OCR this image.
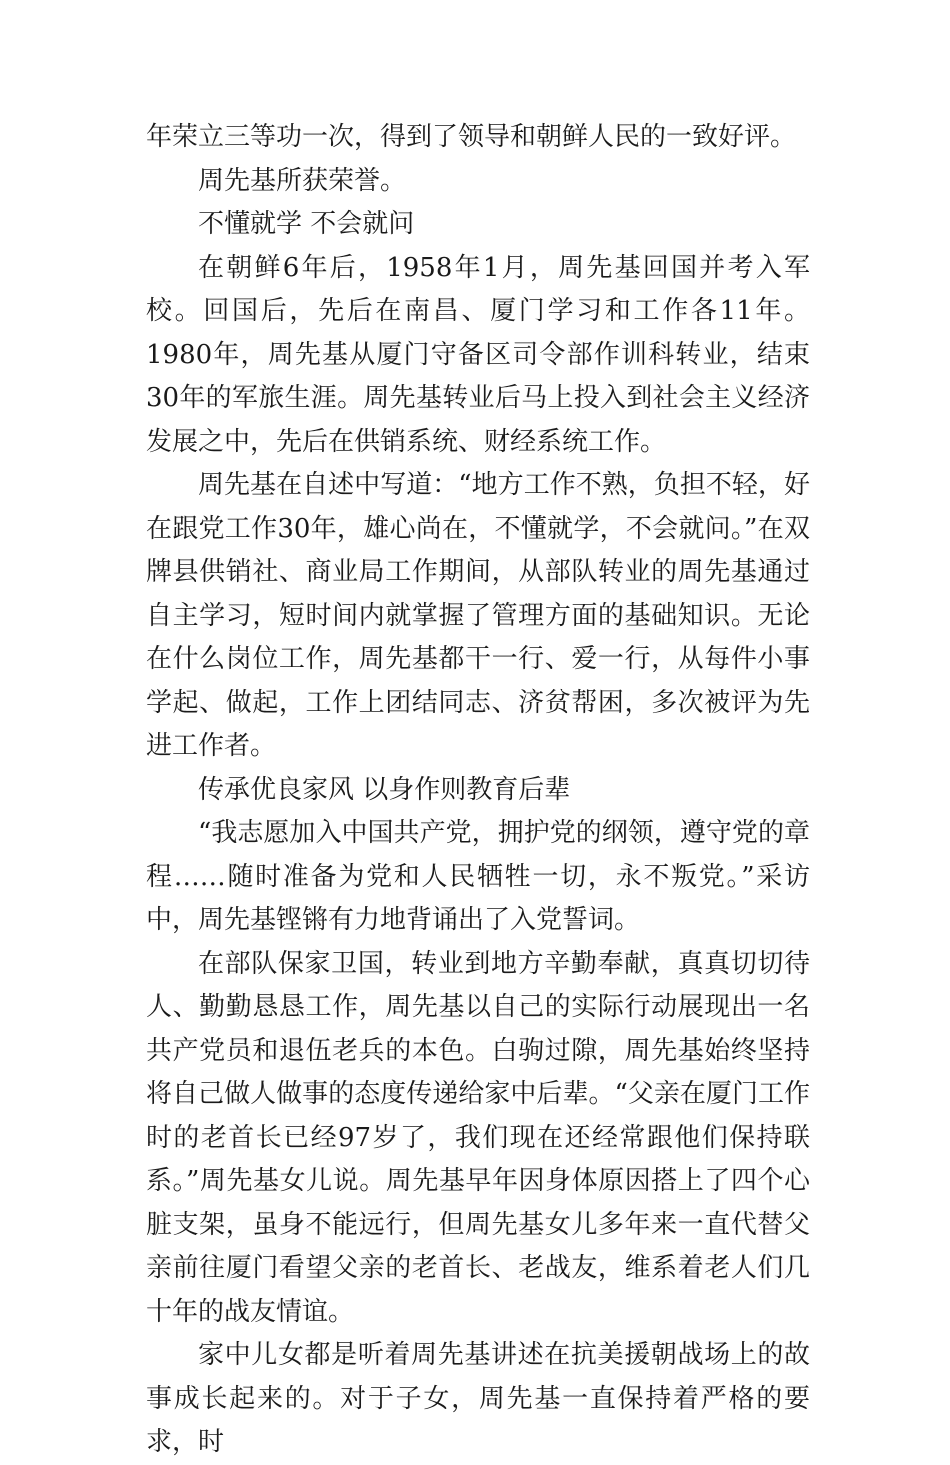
年荣立三等功一次，得到了领导和朝鲜人民的一致好评。

周先基所获荣誉。

不懂就学 不会就问

在朝鲜6年后，1958年1月，周先基回国并考入军校。回国后，先后在南昌、厦门学习和工作各11年。1980年，周先基从厦门守备区司令部作训科转业，结束30年的军旅生涯。周先基转业后马上投入到社会主义经济发展之中，先后在供销系统、财经系统工作。

周先基在自述中写道：“地方工作不熟，负担不轻，好在跟党工作30年，雄心尚在，不懂就学，不会就问。”在双牌县供销社、商业局工作期间，从部队转业的周先基通过自主学习，短时间内就掌握了管理方面的基础知识。无论在什么岗位工作，周先基都干一行、爱一行，从每件小事学起、做起，工作上团结同志、济贫帮困，多次被评为先进工作者。

传承优良家风 以身作则教育后辈

“我志愿加入中国共产党，拥护党的纲领，遵守党的章程……随时准备为党和人民牺牲一切，永不叛党。”采访中，周先基铿锵有力地背诵出了入党誓词。

在部队保家卫国，转业到地方辛勤奉献，真真切切待人、勤勤恳恳工作，周先基以自己的实际行动展现出一名共产党员和退伍老兵的本色。白驹过隙，周先基始终坚持将自己做人做事的态度传递给家中后辈。“父亲在厦门工作时的老首长已经97岁了，我们现在还经常跟他们保持联系。”周先基女儿说。周先基早年因身体原因搭上了四个心脏支架，虽身不能远行，但周先基女儿多年来一直代替父亲前往厦门看望父亲的老首长、老战友，维系着老人们几十年的战友情谊。

家中儿女都是听着周先基讲述在抗美援朝战场上的故事成长起来的。对于子女，周先基一直保持着严格的要求，时
